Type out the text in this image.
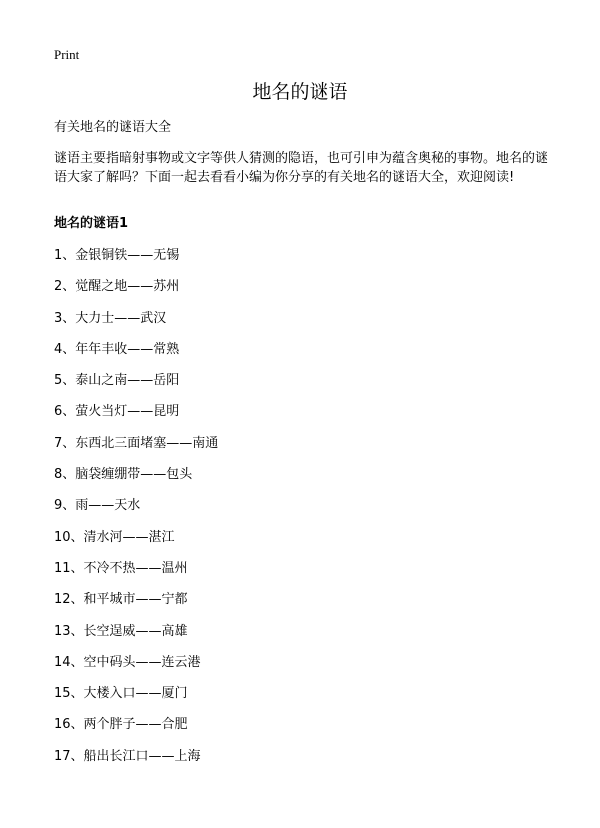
Print
地名的谜语
有关地名的谜语大全

谜语主要指暗射事物或文字等供人猜测的隐语，也可引申为蕴含奥秘的事物。地名的谜语大家了解吗？下面一起去看看小编为你分享的有关地名的谜语大全，欢迎阅读!

地名的谜语1
1、金银铜铁——无锡
2、觉醒之地——苏州
3、大力士——武汉
4、年年丰收——常熟
5、泰山之南——岳阳
6、萤火当灯——昆明
7、东西北三面堵塞——南通
8、脑袋缠绷带——包头
9、雨——天水
10、清水河——湛江
11、不冷不热——温州
12、和平城市——宁都
13、长空逞威——高雄
14、空中码头——连云港
15、大楼入口——厦门
16、两个胖子——合肥
17、船出长江口——上海
